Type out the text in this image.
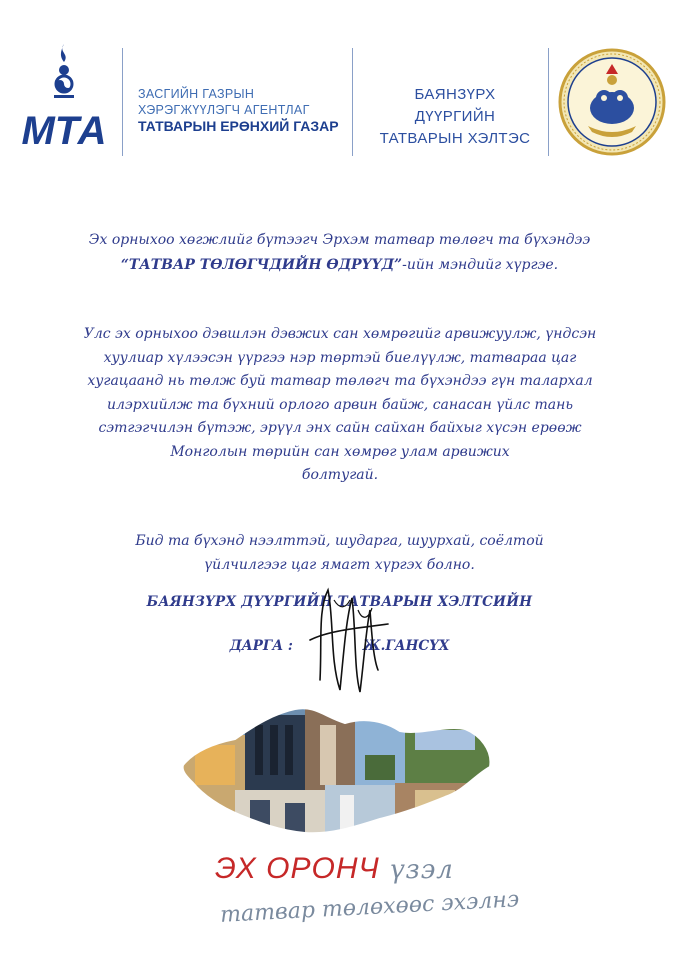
МТА
ЗАСГИЙН ГАЗРЫН
ХЭРЭГЖҮҮЛЭГЧ АГЕНТЛАГ
ТАТВАРЫН ЕРӨНХИЙ ГАЗАР
БАЯНЗҮРХ ДҮҮРГИЙН
ТАТВАРЫН ХЭЛТЭС
Эх орныхоо хөгжлийг бүтээгч Эрхэм татвар төлөгч та бүхэндээ
“ТАТВАР ТӨЛӨГЧДИЙН ӨДРҮҮД”-ийн мэндийг хүргэе.
Улс эх орныхоо дэвшлэн дэвжих сан хөмрөгийг арвижуулж, үндсэн
хуулиар хүлээсэн үүргээ нэр төртэй биелүүлж, татвараа цаг
хугацаанд нь төлж буй татвар төлөгч та бүхэндээ гүн талархал
илэрхийлж та бүхний орлого арвин байж, санасан үйлс тань
сэтгэгчилэн бүтэж, эрүүл энх сайн сайхан байхыг хүсэн ерөөж
Монголын төрийн сан хөмрөг улам арвижих
болтугай.
Бид та бүхэнд нээлттэй, шударга, шуурхай, соёлтой
үйлчилгээг цаг ямагт хүргэх болно.
БАЯНЗҮРХ ДҮҮРГИЙН ТАТВАРЫН ХЭЛТСИЙН
ДАРГА :	Ж.ГАНСҮХ
ЭХ ОРОНЧ үзэл
татвар төлөхөөс эхэлнэ
